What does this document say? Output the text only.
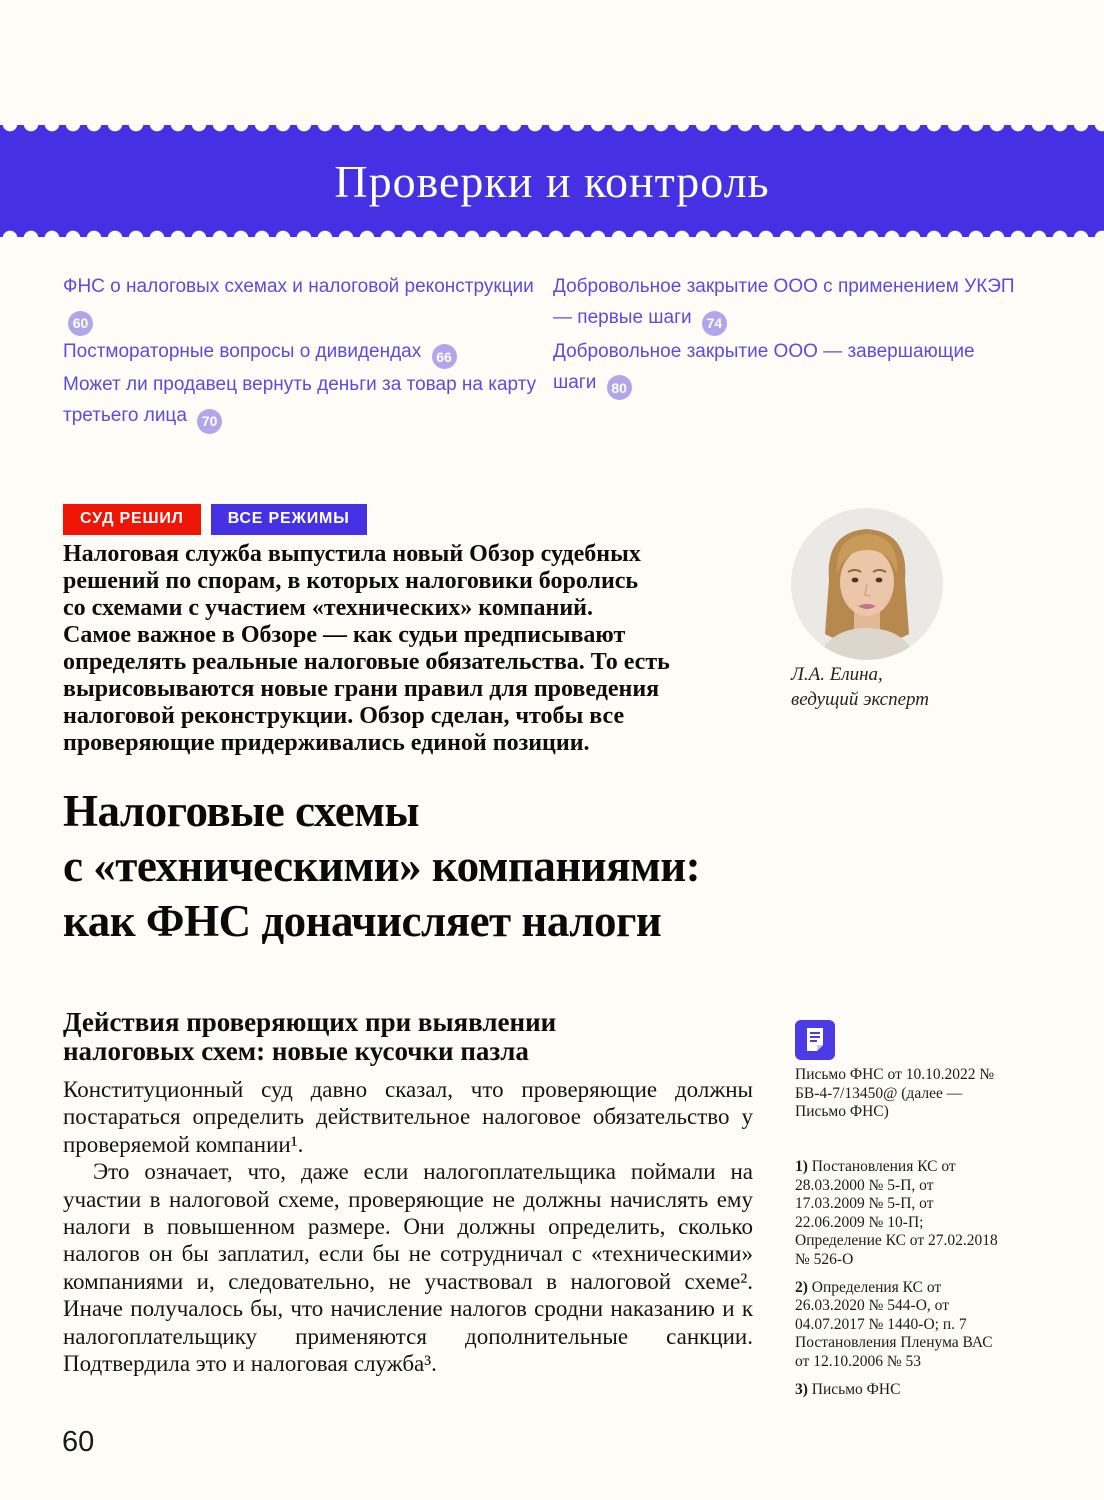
Проверки и контроль
ФНС о налоговых схемах и налоговой реконструкции 60
Постмораторные вопросы о дивидендах 66
Может ли продавец вернуть деньги за товар на карту третьего лица 70
Добровольное закрытие ООО с применением УКЭП — первые шаги 74
Добровольное закрытие ООО — завершающие шаги 80
СУД РЕШИЛ	ВСЕ РЕЖИМЫ
Налоговая служба выпустила новый Обзор судебных
решений по спорам, в которых налоговики боролись
со схемами с участием «технических» компаний.
Самое важное в Обзоре — как судьи предписывают
определять реальные налоговые обязательства. То есть
вырисовываются новые грани правил для проведения
налоговой реконструкции. Обзор сделан, чтобы все
проверяющие придерживались единой позиции.
Л.А. Елина,
ведущий эксперт
Налоговые схемы
с «техническими» компаниями:
как ФНС доначисляет налоги
Действия проверяющих при выявлении
налоговых схем: новые кусочки пазла

Конституционный суд давно сказал, что проверяющие должны постараться определить действительное налоговое обязательство у проверяемой компании¹.

Это означает, что, даже если налогоплательщика поймали на участии в налоговой схеме, проверяющие не должны начислять ему налоги в повышенном размере. Они должны определить, сколько налогов он бы заплатил, если бы не сотрудничал с «техническими» компаниями и, следовательно, не участвовал в налоговой схеме². Иначе получалось бы, что начисление налогов сродни наказанию и к налогоплательщику применяются дополнительные санкции. Подтвердила это и налоговая служба³.

Письмо ФНС от 10.10.2022 № БВ-4-7/13450@ (далее — Письмо ФНС)

1) Постановления КС от 28.03.2000 № 5-П, от 17.03.2009 № 5-П, от 22.06.2009 № 10-П; Определение КС от 27.02.2018 № 526-О

2) Определения КС от 26.03.2020 № 544-О, от 04.07.2017 № 1440-О; п. 7 Постановления Пленума ВАС от 12.10.2006 № 53

3) Письмо ФНС

60
